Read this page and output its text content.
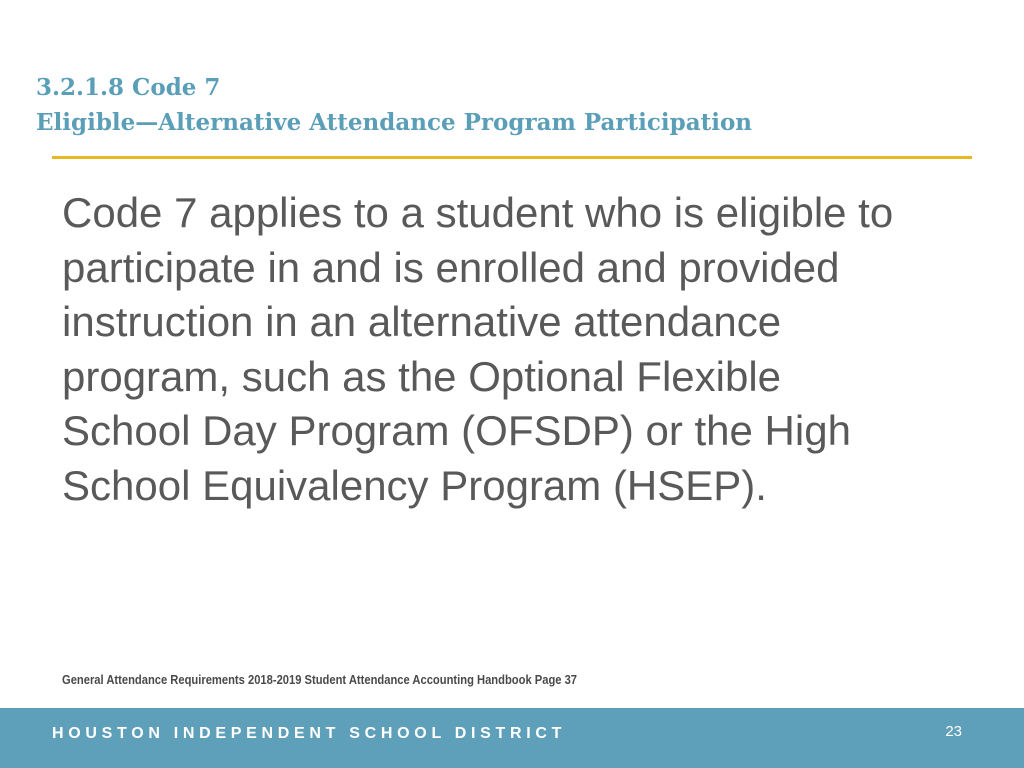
3.2.1.8 Code 7
Eligible—Alternative Attendance Program Participation
Code 7 applies to a student who is eligible to
participate in and is enrolled and provided
instruction in an alternative attendance
program, such as the Optional Flexible
School Day Program (OFSDP) or the High
School Equivalency Program (HSEP).
General Attendance Requirements 2018-2019 Student Attendance Accounting Handbook Page 37
HOUSTON INDEPENDENT SCHOOL DISTRICT	23
